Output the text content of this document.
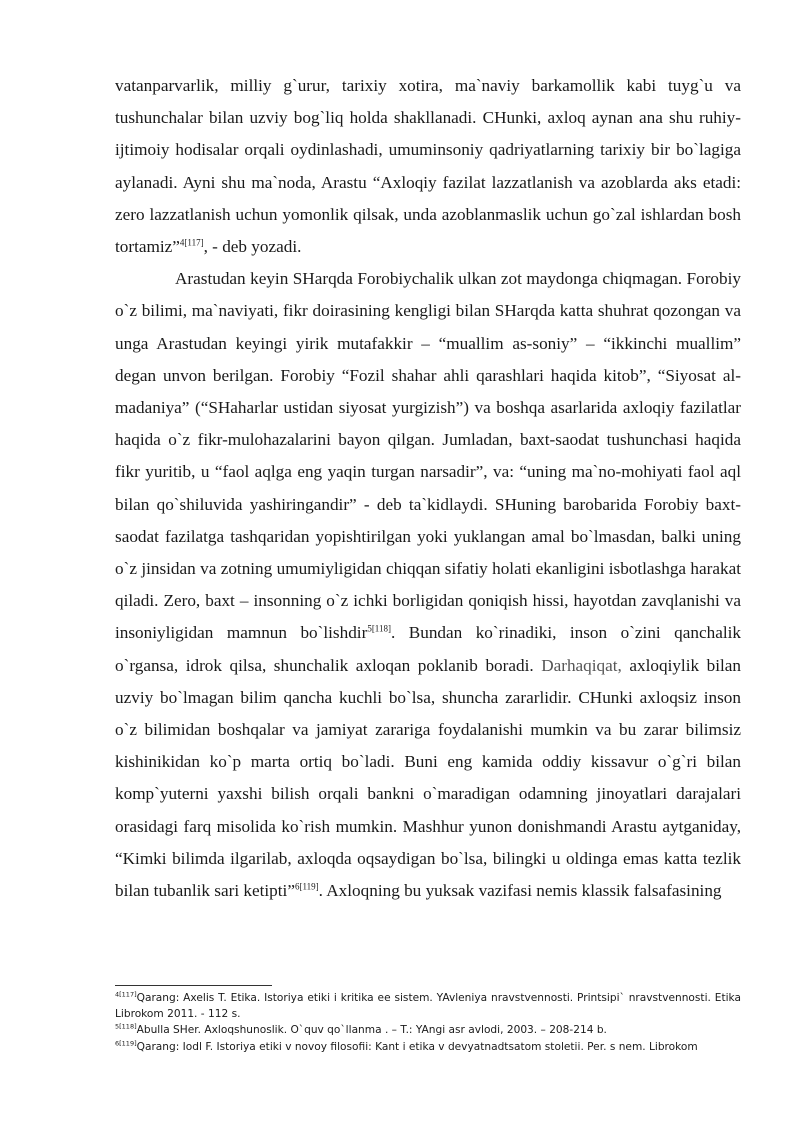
vatanparvarlik, milliy g`urur, tarixiy xotira, ma`naviy barkamollik kabi tuyg`u va tushunchalar bilan uzviy bog`liq holda shakllanadi. CHunki, axloq aynan ana shu ruhiy-ijtimoiy hodisalar orqali oydinlashadi, umuminsoniy qadriyatlarning tarixiy bir bo`lagiga aylanadi. Ayni shu ma`noda, Arastu “Axloqiy fazilat lazzatlanish va azoblarda aks etadi: zero lazzatlanish uchun yomonlik qilsak, unda azoblanmaslik uchun go`zal ishlardan bosh tortamiz”$^{4[117]}$, - deb yozadi.

Arastudan keyin SHarqda Forobiychalik ulkan zot maydonga chiqmagan. Forobiy o`z bilimi, ma`naviyati, fikr doirasining kengligi bilan SHarqda katta shuhrat qozongan va unga Arastudan keyingi yirik mutafakkir – “muallim as-soniy” – “ikkinchi muallim” degan unvon berilgan. Forobiy “Fozil shahar ahli qarashlari haqida kitob”, “Siyosat al-madaniya” (“SHaharlar ustidan siyosat yurgizish”) va boshqa asarlarida axloqiy fazilatlar haqida o`z fikr-mulohazalarini bayon qilgan. Jumladan, baxt-saodat tushunchasi haqida fikr yuritib, u “faol aqlga eng yaqin turgan narsadir”, va: “uning ma`no-mohiyati faol aql bilan qo`shiluvida yashiringandir” - deb ta`kidlaydi. SHuning barobarida Forobiy baxt-saodat fazilatga tashqaridan yopishtirilgan yoki yuklangan amal bo`lmasdan, balki uning o`z jinsidan va zotning umumiyligidan chiqqan sifatiy holati ekanligini isbotlashga harakat qiladi. Zero, baxt – insonning o`z ichki borligidan qoniqish hissi, hayotdan zavqlanishi va insoniyligidan mamnun bo`lishdir$^{5[118]}$. Bundan ko`rinadiki, inson o`zini qanchalik o`rgansa, idrok qilsa, shunchalik axloqan poklanib boradi. Darhaqiqat, axloqiylik bilan uzviy bo`lmagan bilim qancha kuchli bo`lsa, shuncha zararlidir. CHunki axloqsiz inson o`z bilimidan boshqalar va jamiyat zarariga foydalanishi mumkin va bu zarar bilimsiz kishinikidan ko`p marta ortiq bo`ladi. Buni eng kamida oddiy kissavur o`g`ri bilan komp`yuterni yaxshi bilish orqali bankni o`maradigan odamning jinoyatlari darajalari orasidagi farq misolida ko`rish mumkin. Mashhur yunon donishmandi Arastu aytganiday, “Kimki bilimda ilgarilab, axloqda oqsaydigan bo`lsa, bilingki u oldinga emas katta tezlik bilan tubanlik sari ketipti”$^{6[119]}$. Axloqning bu yuksak vazifasi nemis klassik falsafasining

$^{4[117]}$Qarang: Axelis T. Etika. Istoriya etiki i kritika ee sistem. YAvleniya nravstvennosti. Printsipi` nravstvennosti. Etika Librokom 2011. - 112 s.

$^{5[118]}$Abulla SHer. Axloqshunoslik. O`quv qo`llanma . – T.: YAngi asr avlodi, 2003. – 208-214 b.

$^{6[119]}$Qarang: Iodl F. Istoriya etiki v novoy filosofii: Kant i etika v devyatnadtsatom stoletii. Per. s nem. Librokom
